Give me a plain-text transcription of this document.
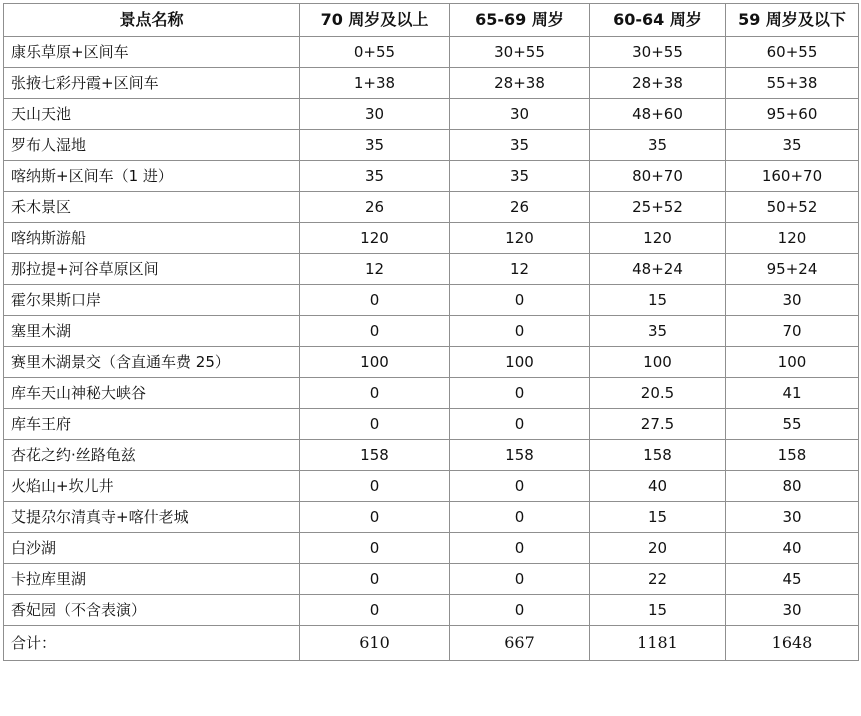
景点名称	70 周岁及以上	65-69 周岁	60-64 周岁	59 周岁及以下
康乐草原+区间车	0+55	30+55	30+55	60+55
张掖七彩丹霞+区间车	1+38	28+38	28+38	55+38
天山天池	30	30	48+60	95+60
罗布人湿地	35	35	35	35
喀纳斯+区间车（1 进）	35	35	80+70	160+70
禾木景区	26	26	25+52	50+52
喀纳斯游船	120	120	120	120
那拉提+河谷草原区间	12	12	48+24	95+24
霍尔果斯口岸	0	0	15	30
塞里木湖	0	0	35	70
赛里木湖景交（含直通车费 25）	100	100	100	100
库车天山神秘大峡谷	0	0	20.5	41
库车王府	0	0	27.5	55
杏花之约·丝路龟兹	158	158	158	158
火焰山+坎儿井	0	0	40	80
艾提尕尔清真寺+喀什老城	0	0	15	30
白沙湖	0	0	20	40
卡拉库里湖	0	0	22	45
香妃园（不含表演）	0	0	15	30
合计：	610	667	1181	1648
